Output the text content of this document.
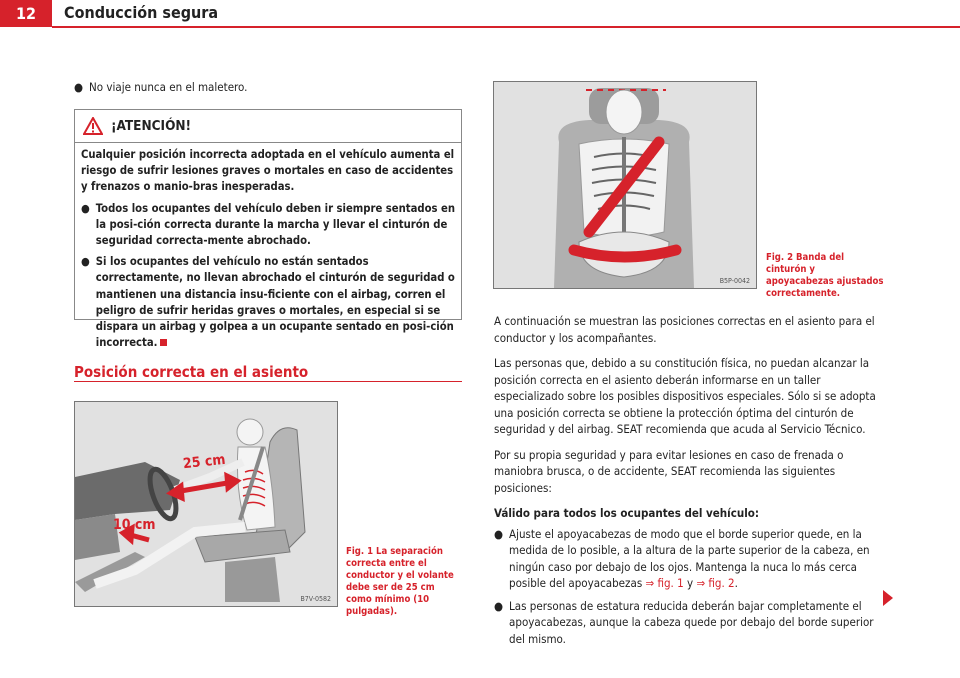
12	Conducción segura
● No viaje nunca en el maletero.
¡ATENCIÓN!

Cualquier posición incorrecta adoptada en el vehículo aumenta el riesgo de sufrir lesiones graves o mortales en caso de accidentes y frenazos o manio-bras inesperadas.

● Todos los ocupantes del vehículo deben ir siempre sentados en la posi-ción correcta durante la marcha y llevar el cinturón de seguridad correcta-mente abrochado.

● Si los ocupantes del vehículo no están sentados correctamente, no llevan abrochado el cinturón de seguridad o mantienen una distancia insu-ficiente con el airbag, corren el peligro de sufrir heridas graves o mortales, en especial si se dispara un airbag y golpea a un ocupante sentado en posi-ción incorrecta.

Posición correcta en el asiento
25 cm
10 cm
B7V-0582
Fig. 1 La separación correcta entre el conductor y el volante debe ser de 25 cm como mínimo (10 pulgadas).
B5P-0042
Fig. 2 Banda del cinturón y apoyacabezas ajustados correctamente.

A continuación se muestran las posiciones correctas en el asiento para el conductor y los acompañantes.

Las personas que, debido a su constitución física, no puedan alcanzar la posición correcta en el asiento deberán informarse en un taller especializado sobre los posibles dispositivos especiales. Sólo si se adopta una posición correcta se obtiene la protección óptima del cinturón de seguridad y del airbag. SEAT recomienda que acuda al Servicio Técnico.

Por su propia seguridad y para evitar lesiones en caso de frenada o maniobra brusca, o de accidente, SEAT recomienda las siguientes posiciones:

Válido para todos los ocupantes del vehículo:

● Ajuste el apoyacabezas de modo que el borde superior quede, en la medida de lo posible, a la altura de la parte superior de la cabeza, en ningún caso por debajo de los ojos. Mantenga la nuca lo más cerca posible del apoyacabezas ⇒ fig. 1 y ⇒ fig. 2.

● Las personas de estatura reducida deberán bajar completamente el apoyacabezas, aunque la cabeza quede por debajo del borde superior del mismo.
